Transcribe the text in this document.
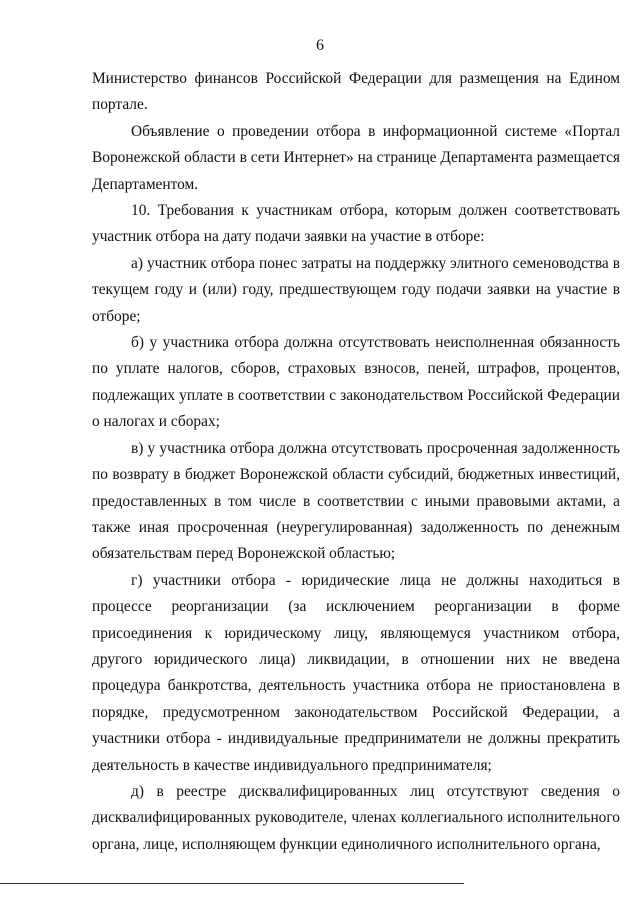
6

Министерство финансов Российской Федерации для размещения на Едином портале.

Объявление о проведении отбора в информационной системе «Портал Воронежской области в сети Интернет» на странице Департамента размещается Департаментом.

10. Требования к участникам отбора, которым должен соответствовать участник отбора на дату подачи заявки на участие в отборе:

а) участник отбора понес затраты на поддержку элитного семеноводства в текущем году и (или) году, предшествующем году подачи заявки на участие в отборе;

б) у участника отбора должна отсутствовать неисполненная обязанность по уплате налогов, сборов, страховых взносов, пеней, штрафов, процентов, подлежащих уплате в соответствии с законодательством Российской Федерации о налогах и сборах;

в) у участника отбора должна отсутствовать просроченная задолженность по возврату в бюджет Воронежской области субсидий, бюджетных инвестиций, предоставленных в том числе в соответствии с иными правовыми актами, а также иная просроченная (неурегулированная) задолженность по денежным обязательствам перед Воронежской областью;

г) участники отбора - юридические лица не должны находиться в процессе реорганизации (за исключением реорганизации в форме присоединения к юридическому лицу, являющемуся участником отбора, другого юридического лица) ликвидации, в отношении них не введена процедура банкротства, деятельность участника отбора не приостановлена в порядке, предусмотренном законодательством Российской Федерации, а участники отбора - индивидуальные предприниматели не должны прекратить деятельность в качестве индивидуального предпринимателя;

д) в реестре дисквалифицированных лиц отсутствуют сведения о дисквалифицированных руководителе, членах коллегиального исполнительного органа, лице, исполняющем функции единоличного исполнительного органа,
